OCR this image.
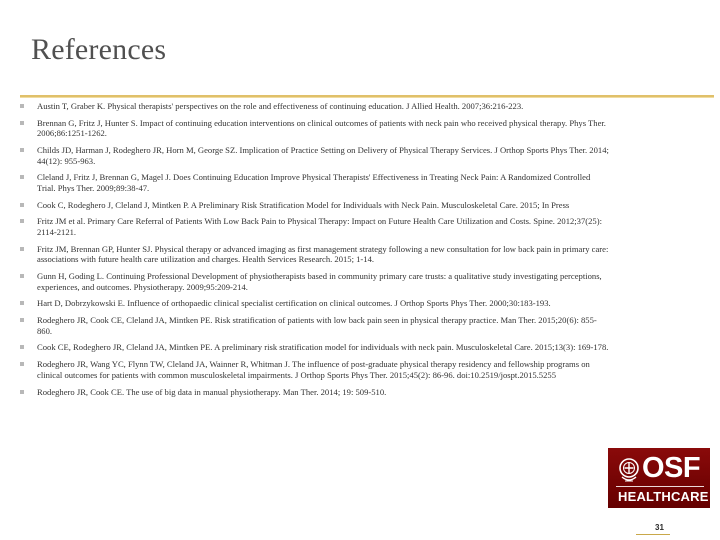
References
Austin T, Graber K. Physical therapists' perspectives on the role and effectiveness of continuing education. J Allied Health. 2007;36:216-223.
Brennan G, Fritz J, Hunter S. Impact of continuing education interventions on clinical outcomes of patients with neck pain who received physical therapy. Phys Ther. 2006;86:1251-1262.
Childs JD, Harman J, Rodeghero JR, Horn M, George SZ. Implication of Practice Setting on Delivery of Physical Therapy Services. J Orthop Sports Phys Ther. 2014; 44(12): 955-963.
Cleland J, Fritz J, Brennan G, Magel J. Does Continuing Education Improve Physical Therapists' Effectiveness in Treating Neck Pain: A Randomized Controlled Trial. Phys Ther. 2009;89:38-47.
Cook C, Rodeghero J, Cleland J, Mintken P. A Preliminary Risk Stratification Model for Individuals with Neck Pain. Musculoskeletal Care. 2015; In Press
Fritz JM et al. Primary Care Referral of Patients With Low Back Pain to Physical Therapy: Impact on Future Health Care Utilization and Costs. Spine. 2012;37(25): 2114-2121.
Fritz JM, Brennan GP, Hunter SJ. Physical therapy or advanced imaging as first management strategy following a new consultation for low back pain in primary care: associations with future health care utilization and charges. Health Services Research. 2015; 1-14.
Gunn H, Goding L. Continuing Professional Development of physiotherapists based in community primary care trusts: a qualitative study investigating perceptions, experiences, and outcomes. Physiotherapy. 2009;95:209-214.
Hart D, Dobrzykowski E. Influence of orthopaedic clinical specialist certification on clinical outcomes. J Orthop Sports Phys Ther. 2000;30:183-193.
Rodeghero JR, Cook CE, Cleland JA, Mintken PE. Risk stratification of patients with low back pain seen in physical therapy practice. Man Ther. 2015;20(6): 855-860.
Cook CE, Rodeghero JR, Cleland JA, Mintken PE. A preliminary risk stratification model for individuals with neck pain. Musculoskeletal Care. 2015;13(3): 169-178.
Rodeghero JR, Wang YC, Flynn TW, Cleland JA, Wainner R, Whitman J. The influence of post-graduate physical therapy residency and fellowship programs on clinical outcomes for patients with common musculoskeletal impairments. J Orthop Sports Phys Ther. 2015;45(2): 86-96. doi:10.2519/jospt.2015.5255
Rodeghero JR, Cook CE. The use of big data in manual physiotherapy. Man Ther. 2014; 19: 509-510.
OSF
HEALTHCARE
31
